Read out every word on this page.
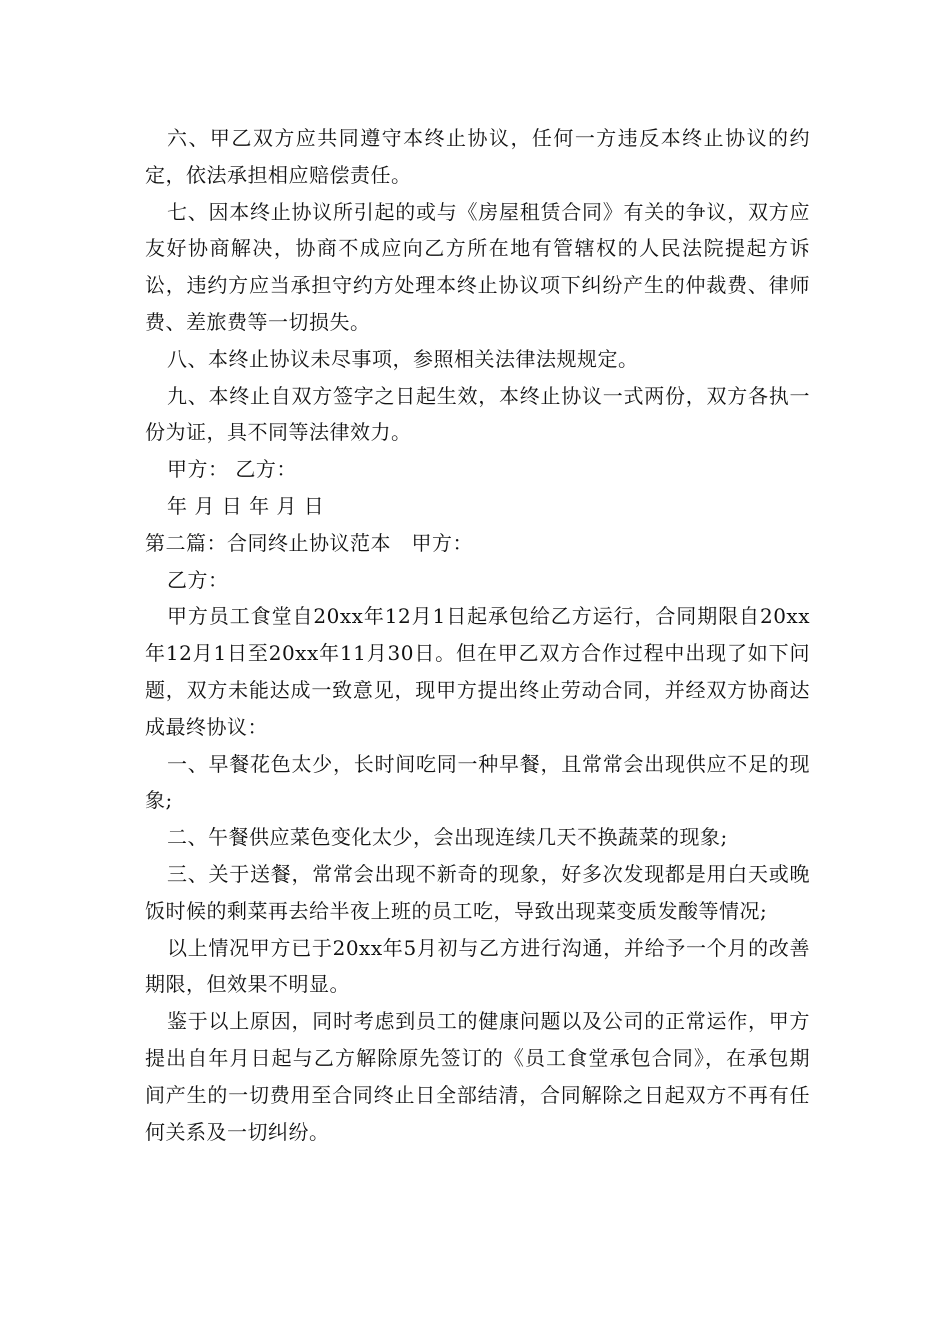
六、甲乙双方应共同遵守本终止协议，任何一方违反本终止协议的约定，依法承担相应赔偿责任。

七、因本终止协议所引起的或与《房屋租赁合同》有关的争议，双方应友好协商解决，协商不成应向乙方所在地有管辖权的人民法院提起方诉讼，违约方应当承担守约方处理本终止协议项下纠纷产生的仲裁费、律师费、差旅费等一切损失。

八、本终止协议未尽事项，参照相关法律法规规定。

九、本终止自双方签字之日起生效，本终止协议一式两份，双方各执一份为证，具不同等法律效力。

甲方： 乙方：

年 月 日 年 月 日

第二篇：合同终止协议范本　甲方：

乙方：

甲方员工食堂自20xx年12月1日起承包给乙方运行，合同期限自20xx年12月1日至20xx年11月30日。但在甲乙双方合作过程中出现了如下问题，双方未能达成一致意见，现甲方提出终止劳动合同，并经双方协商达成最终协议：

一、早餐花色太少，长时间吃同一种早餐，且常常会出现供应不足的现象;

二、午餐供应菜色变化太少，会出现连续几天不换蔬菜的现象;

三、关于送餐，常常会出现不新奇的现象，好多次发现都是用白天或晚饭时候的剩菜再去给半夜上班的员工吃，导致出现菜变质发酸等情况;

以上情况甲方已于20xx年5月初与乙方进行沟通，并给予一个月的改善期限，但效果不明显。

鉴于以上原因，同时考虑到员工的健康问题以及公司的正常运作，甲方提出自年月日起与乙方解除原先签订的《员工食堂承包合同》，在承包期间产生的一切费用至合同终止日全部结清，合同解除之日起双方不再有任何关系及一切纠纷。
